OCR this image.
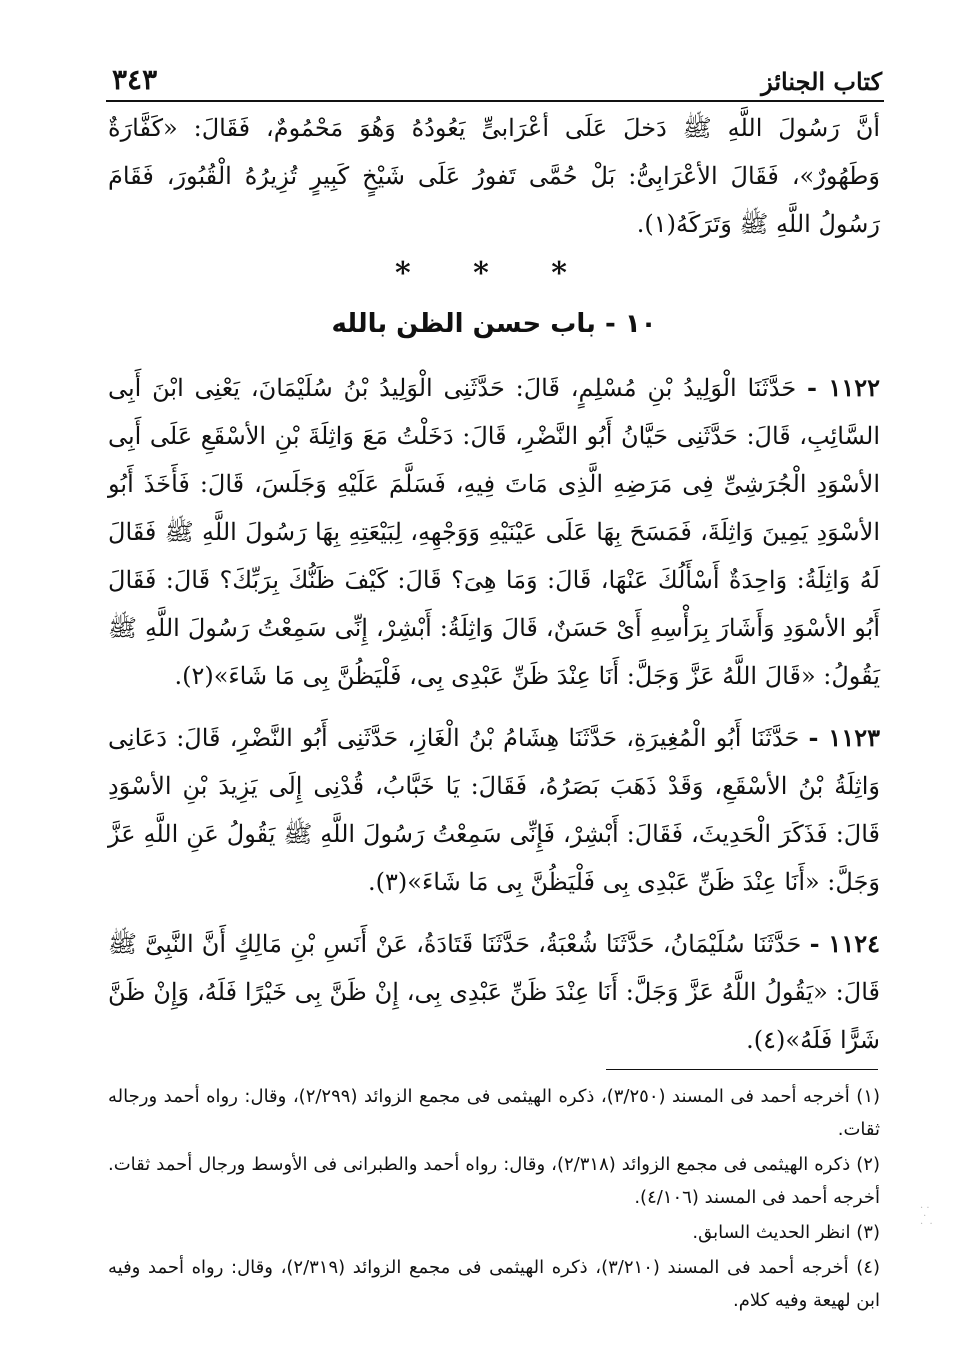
٣٤٣	كتاب الجنائز

أنَّ رَسُولَ اللَّهِ ﷺ دَخلَ عَلَى أعْرَابىٍّ يَعُودُهُ وَهُوَ مَحْمُومٌ، فَقَالَ: «كَفَّارَةٌ وَطَهُورٌ»، فَقَالَ الأعْرَابِىُّ: بَلْ حُمَّى تَفورُ عَلَى شَيْخٍ كَبِيرٍ تُزِيرُهُ الْقُبُورَ، فَقَامَ رَسُولُ اللَّهِ ﷺ وَتَرَكَهُ(١).

* * *
١٠ - باب حسن الظن بالله

١١٢٢ - حَدَّثَنَا الْوَلِيدُ بْنِ مُسْلِمٍ، قَالَ: حَدَّثَنِى الْوَلِيدُ بْنُ سُلَيْمَانَ، يَعْنِى ابْنَ أَبِى السَّائِبِ، قَالَ: حَدَّثَنِى حَيَّانُ أَبُو النَّضْرِ، قَالَ: دَخَلْتُ مَعَ وَاثِلَةَ بْنِ الأسْقَعِ عَلَى أَبِى الأسْوَدِ الْجُرَشِىِّ فِى مَرَضِهِ الَّذِى مَاتَ فِيهِ، فَسَلَّمَ عَلَيْهِ وَجَلَسَ، قَالَ: فَأَخَذَ أَبُو الأسْوَدِ يَمِينَ وَاثِلَةَ، فَمَسَحَ بِهَا عَلَى عَيْنَيْهِ وَوَجْهِهِ، لِبَيْعَتِهِ بِهَا رَسُولَ اللَّهِ ﷺ فَقَالَ لَهُ وَاثِلَةُ: وَاحِدَةٌ أَسْأَلُكَ عَنْهَا، قَالَ: وَمَا هِىَ؟ قَالَ: كَيْفَ ظَنُّكَ بِرَبِّكَ؟ قَالَ: فَقَالَ أَبُو الأسْوَدِ وَأَشَارَ بِرَأْسِهِ أَىْ حَسَنٌ، قَالَ وَاثِلَةُ: أَبْشِرْ، إِنِّى سَمِعْتُ رَسُولَ اللَّهِ ﷺ يَقُولُ: «قَالَ اللَّهُ عَزَّ وَجَلَّ: أَنَا عِنْدَ ظَنِّ عَبْدِى بِى، فَلْيَظُنَّ بِى مَا شَاءَ»(٢).

١١٢٣ - حَدَّثَنَا أَبُو الْمُغِيرَةِ، حَدَّثَنَا هِشَامُ بْنُ الْغَازِ، حَدَّثَنِى أَبُو النَّضْرِ، قَالَ: دَعَانِى وَاثِلَةُ بْنُ الأسْقَعِ، وَقَدْ ذَهَبَ بَصَرُهُ، فَقَالَ: يَا خَبَّابُ، قُدْنِى إِلَى يَزِيدَ بْنِ الأسْوَدِ قَالَ: فَذَكَرَ الْحَدِيثَ، فَقَالَ: أَبْشِرْ، فَإِنِّى سَمِعْتُ رَسُولَ اللَّهِ ﷺ يَقُولُ عَنِ اللَّهِ عَزَّ وَجَلَّ: «أَنَا عِنْدَ ظَنِّ عَبْدِى بِى فَلْيَظُنَّ بِى مَا شَاءَ»(٣).

١١٢٤ - حَدَّثَنَا سُلَيْمَانُ، حَدَّثَنَا شُعْبَةُ، حَدَّثَنَا قَتَادَةُ، عَنْ أَنَسِ بْنِ مَالِكٍ أَنَّ النَّبِىَّ ﷺ قَالَ: «يَقُولُ اللَّهُ عَزَّ وَجَلَّ: أَنَا عِنْدَ ظَنِّ عَبْدِى بِى، إِنْ ظَنَّ بِى خَيْرًا فَلَهُ، وَإِنْ ظَنَّ شَرًّا فَلَهُ»(٤).

(١) أخرجه أحمد فى المسند (٣/٢٥٠)، ذكره الهيثمى فى مجمع الزوائد (٢/٢٩٩)، وقال: رواه أحمد ورجاله ثقات.

(٢) ذكره الهيثمى فى مجمع الزوائد (٢/٣١٨)، وقال: رواه أحمد والطبرانى فى الأوسط ورجال أحمد ثقات. أخرجه أحمد فى المسند (٤/١٠٦).

(٣) انظر الحديث السابق.

(٤) أخرجه أحمد فى المسند (٣/٢١٠)، ذكره الهيثمى فى مجمع الزوائد (٢/٣١٩)، وقال: رواه أحمد وفيه ابن لهيعة وفيه كلام.

· ·
·
·  ·
